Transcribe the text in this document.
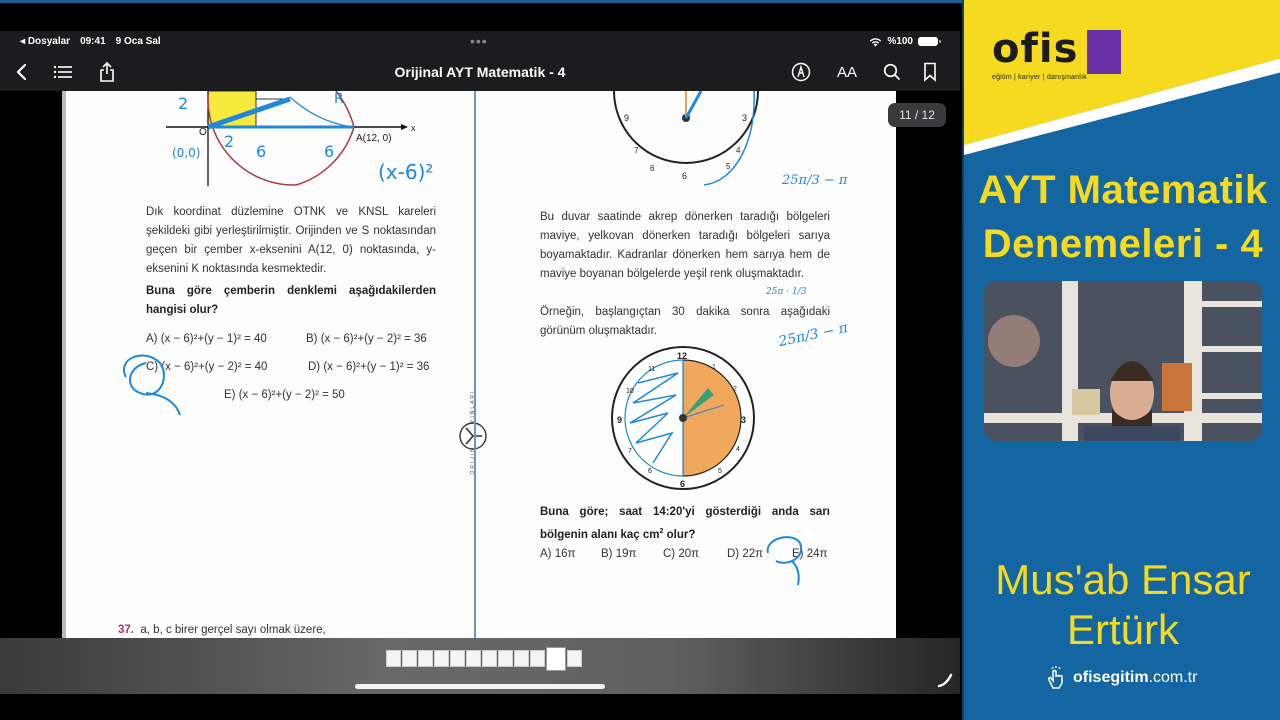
◂ Dosyalar 09:41 9 Oca Sal	•••	%100
Orijinal AYT Matematik - 4	AA
O	x
A(12, 0)
2
2
6	6
R
(0,0)
(x-6)²
Dık koordinat düzlemine OTNK ve KNSL kareleri şekildeki gibi yerleştirilmiştir. Orijinden ve S noktasından geçen bir çember x-eksenini A(12, 0) noktasında, y-eksenini K noktasında kesmektedir.
Buna göre çemberin denklemi aşağıdakilerden hangisi olur?
A) (x − 6)²+(y − 1)² = 40	B) (x − 6)²+(y − 2)² = 36
C) (x − 6)²+(y − 2)² = 40	D) (x − 6)²+(y − 1)² = 36
E) (x − 6)²+(y − 2)² = 50
37. a, b, c birer gerçel sayı olmak üzere,
9	3
6
6
7
5
4
Bu duvar saatinde akrep dönerken taradığı bölgeleri maviye, yelkovan dönerken taradığı bölgeleri sarıya boyamaktadır. Kadranlar dönerken hem sarıya hem de maviye boyanan bölgelerde yeşil renk oluşmaktadır.
Örneğin, başlangıçtan 30 dakika sonra aşağıdaki görünüm oluşmaktadır.
12
3
6
9
1
2
4
5
6
7
10
11
Buna göre; saat 14:20'yi gösterdiği anda sarı bölgenin alanı kaç $cm^2$ olur?
A) 16π B) 19π C) 20π D) 22π	E) 24π
25π/3 − π
25π · 1/3
25π/3 − π
11 / 12
ofis
eğitim | kariyer | danışmanlık
AYT Matematik
Denemeleri - 4
Mus'ab Ensar
Ertürk
ofisegitim.com.tr
